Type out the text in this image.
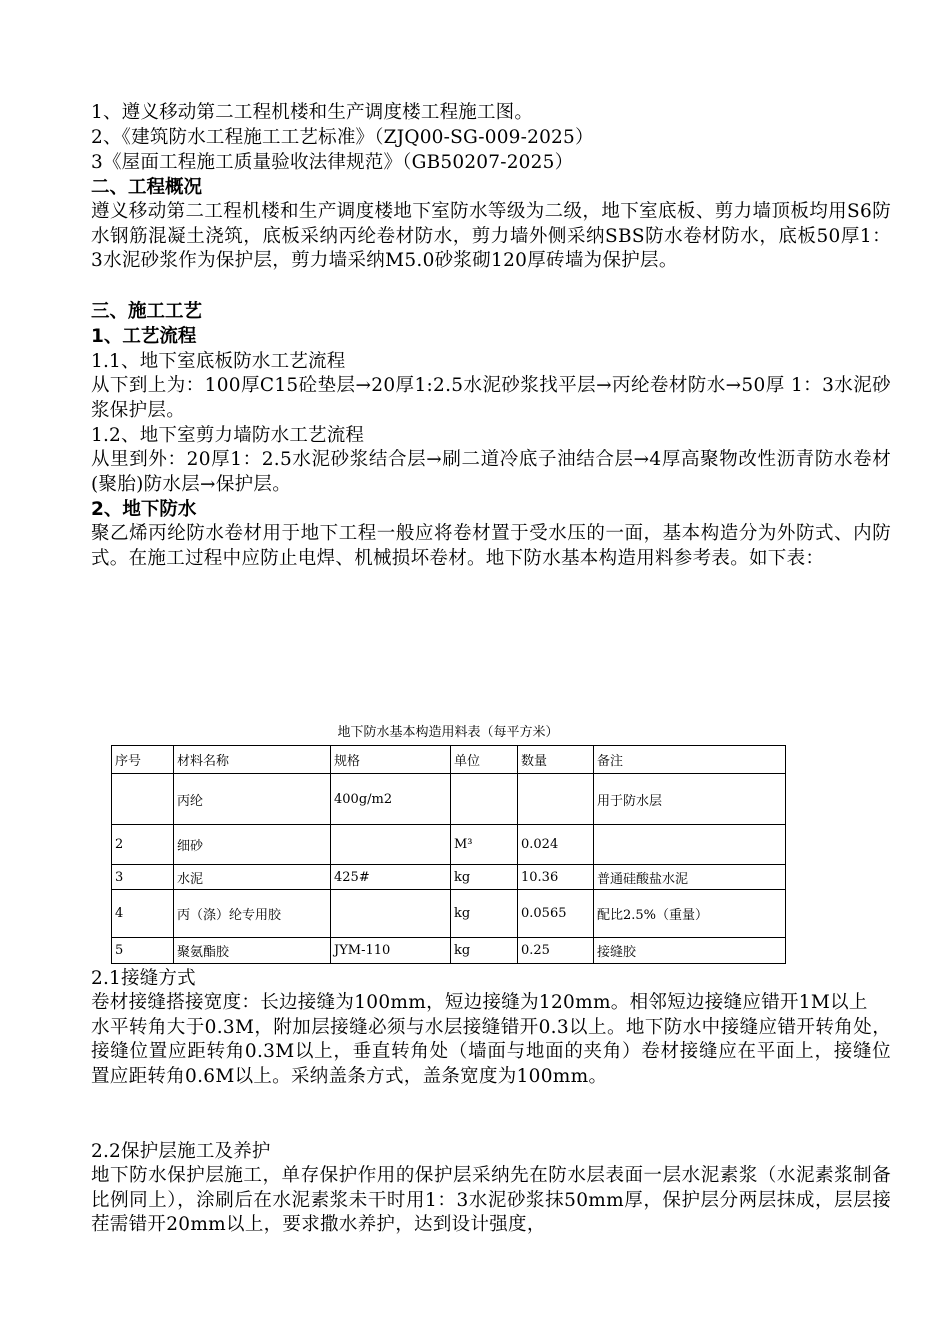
1、遵义移动第二工程机楼和生产调度楼工程施工图。
2、《建筑防水工程施工工艺标准》（ZJQ00-SG-009-2025）
3《屋面工程施工质量验收法律规范》（GB50207-2025）
二、工程概况
遵义移动第二工程机楼和生产调度楼地下室防水等级为二级，地下室底板、剪力墙顶板均用S6防水钢筋混凝土浇筑，底板采纳丙纶卷材防水，剪力墙外侧采纳SBS防水卷材防水，底板50厚1：3水泥砂浆作为保护层，剪力墙采纳M5.0砂浆砌120厚砖墙为保护层。
三、施工工艺
1、工艺流程
1.1、地下室底板防水工艺流程
从下到上为：100厚C15砼垫层→20厚1:2.5水泥砂浆找平层→丙纶卷材防水→50厚 1：3水泥砂浆保护层。
1.2、地下室剪力墙防水工艺流程
从里到外：20厚1：2.5水泥砂浆结合层→刷二道冷底子油结合层→4厚高聚物改性沥青防水卷材(聚胎)防水层→保护层。
2、地下防水
聚乙烯丙纶防水卷材用于地下工程一般应将卷材置于受水压的一面，基本构造分为外防式、内防式。在施工过程中应防止电焊、机械损坏卷材。地下防水基本构造用料参考表。如下表：
地下防水基本构造用料表（每平方米）
序号	材料名称	规格	单位	数量	备注
	丙纶	400g/m2			用于防水层
2	细砂		M³	0.024	
3	水泥	425#	kg	10.36	普通硅酸盐水泥
4	丙（涤）纶专用胶		kg	0.0565	配比2.5%（重量）
5	聚氨酯胶	JYM-110	kg	0.25	接缝胶
2.1接缝方式
卷材接缝搭接宽度：长边接缝为100mm，短边接缝为120mm。相邻短边接缝应错开1M以上
水平转角大于0.3M，附加层接缝必须与水层接缝错开0.3以上。地下防水中接缝应错开转角处，接缝位置应距转角0.3M以上，垂直转角处（墙面与地面的夹角）卷材接缝应在平面上，接缝位置应距转角0.6M以上。采纳盖条方式，盖条宽度为100mm。
2.2保护层施工及养护
地下防水保护层施工，单存保护作用的保护层采纳先在防水层表面一层水泥素浆（水泥素浆制备比例同上），涂刷后在水泥素浆未干时用1：3水泥砂浆抹50mm厚，保护层分两层抹成，层层接茬需错开20mm以上，要求撒水养护，达到设计强度，
